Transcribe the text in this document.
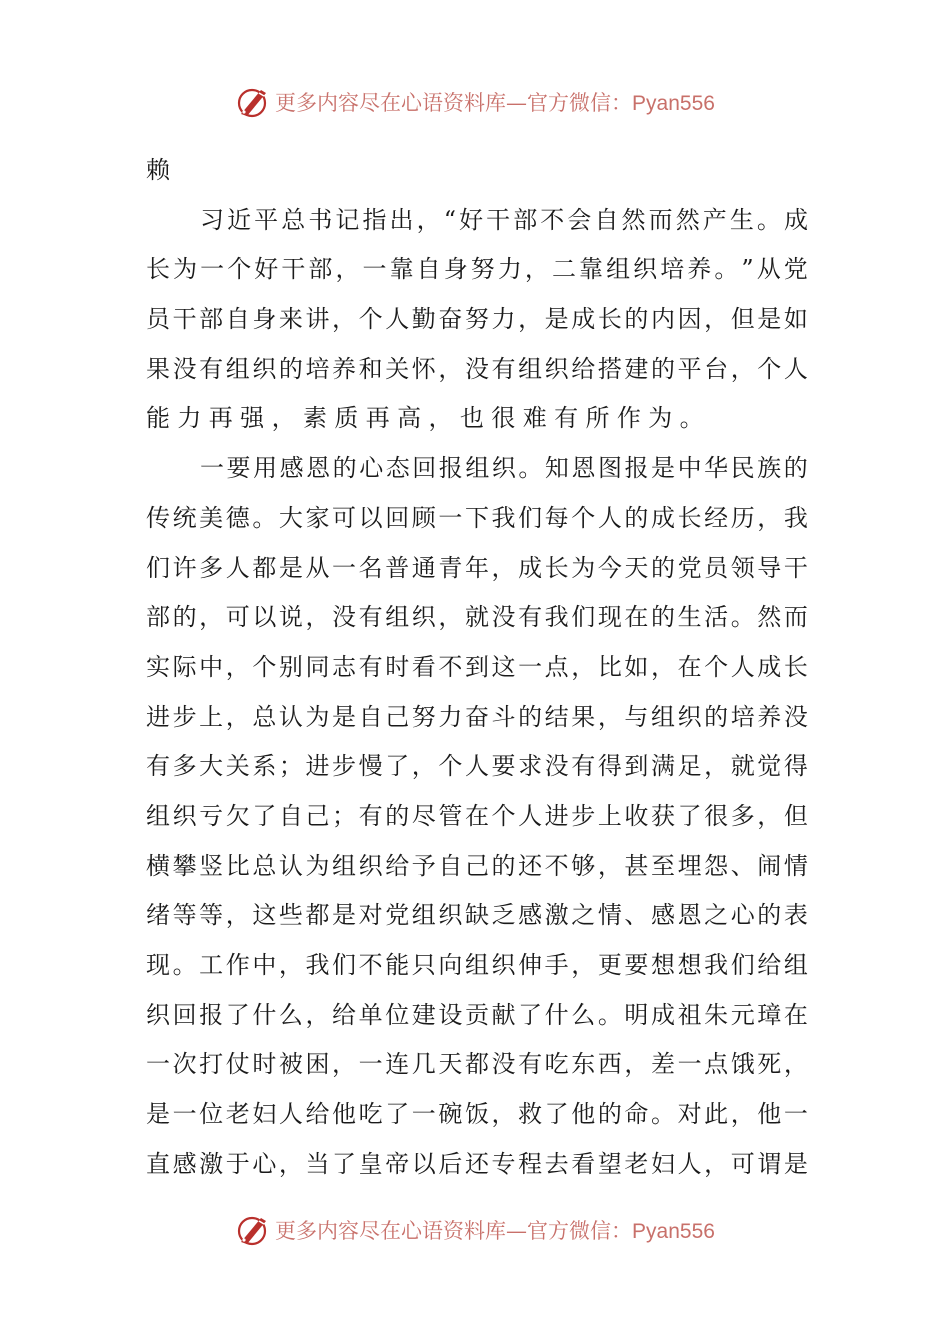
更多内容尽在心语资料库—官方微信：Pyan556
赖
习 近 平 总 书 记 指 出 ， “ 好 干 部 不 会 自 然 而 然 产 生 。 成
长 为 一 个 好 干 部 ， 一 靠 自 身 努 力 ， 二 靠 组 织 培 养 。 ” 从 党
员 干 部 自 身 来 讲 ， 个 人 勤 奋 努 力 ， 是 成 长 的 内 因 ， 但 是 如
果 没 有 组 织 的 培 养 和 关 怀 ， 没 有 组 织 给 搭 建 的 平 台 ， 个 人
能 力 再 强 ， 素 质 再 高 ， 也 很 难 有 所 作 为 。
一 要 用 感 恩 的 心 态 回 报 组 织 。 知 恩 图 报 是 中 华 民 族 的
传 统 美 德 。 大 家 可 以 回 顾 一 下 我 们 每 个 人 的 成 长 经 历 ， 我
们 许 多 人 都 是 从 一 名 普 通 青 年 ， 成 长 为 今 天 的 党 员 领 导 干
部 的 ， 可 以 说 ， 没 有 组 织 ， 就 没 有 我 们 现 在 的 生 活 。 然 而
实 际 中 ， 个 别 同 志 有 时 看 不 到 这 一 点 ， 比 如 ， 在 个 人 成 长
进 步 上 ， 总 认 为 是 自 己 努 力 奋 斗 的 结 果 ， 与 组 织 的 培 养 没
有 多 大 关 系 ； 进 步 慢 了 ， 个 人 要 求 没 有 得 到 满 足 ， 就 觉 得
组 织 亏 欠 了 自 己 ； 有 的 尽 管 在 个 人 进 步 上 收 获 了 很 多 ， 但
横 攀 竖 比 总 认 为 组 织 给 予 自 己 的 还 不 够 ， 甚 至 埋 怨 、 闹 情
绪 等 等 ， 这 些 都 是 对 党 组 织 缺 乏 感 激 之 情 、 感 恩 之 心 的 表
现 。 工 作 中 ， 我 们 不 能 只 向 组 织 伸 手 ， 更 要 想 想 我 们 给 组
织 回 报 了 什 么 ， 给 单 位 建 设 贡 献 了 什 么 。 明 成 祖 朱 元 璋 在
一 次 打 仗 时 被 困 ， 一 连 几 天 都 没 有 吃 东 西 ， 差 一 点 饿 死 ，
是 一 位 老 妇 人 给 他 吃 了 一 碗 饭 ， 救 了 他 的 命 。 对 此 ， 他 一
直 感 激 于 心 ， 当 了 皇 帝 以 后 还 专 程 去 看 望 老 妇 人 ， 可 谓 是
更多内容尽在心语资料库—官方微信：Pyan556
